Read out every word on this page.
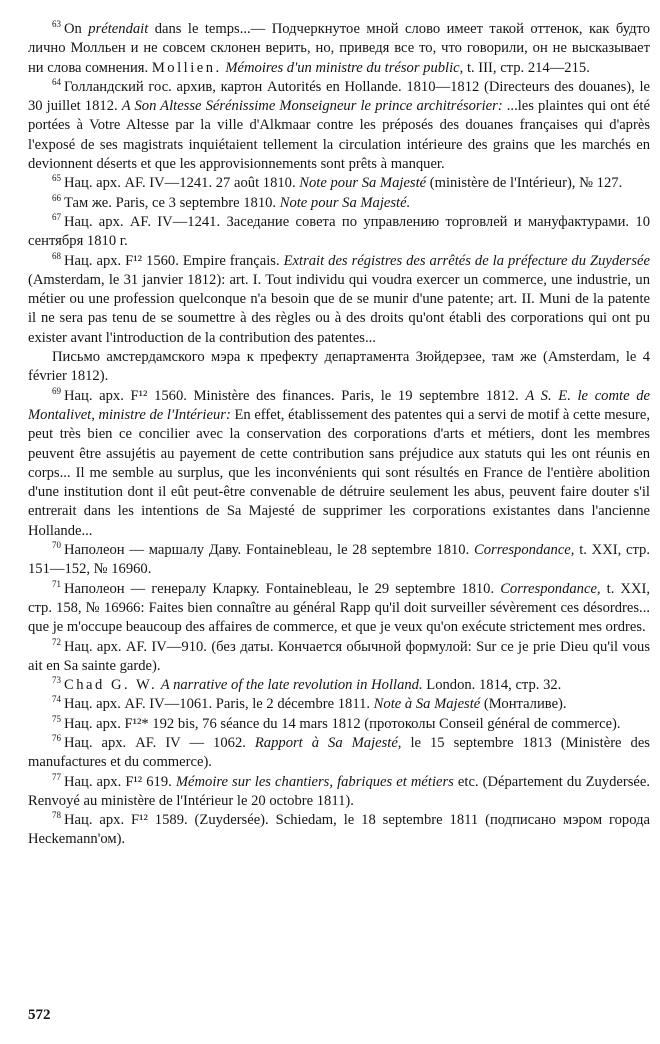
$^{63}$ On prétendait dans le temps...— Подчеркнутое мной слово имеет такой оттенок, как будто лично Молльен и не совсем склонен верить, но, приведя все то, что говорили, он не высказывает ни слова сомнения. Mollien. Mémoires d'un ministre du trésor public, t. III, стр. 214—215.

$^{64}$ Голландский гос. архив, картон Autorités en Hollande. 1810—1812 (Directeurs des douanes), le 30 juillet 1812. A Son Altesse Sérénissime Monseigneur le prince architrésorier: ...les plaintes qui ont été portées à Votre Altesse par la ville d'Alkmaar contre les préposés des douanes françaises qui d'après l'exposé de ses magistrats inquiétaient tellement la circulation intérieure des grains que les marchés en devionnent déserts et que les approvisionnements sont prêts à manquer.

$^{65}$ Нац. арх. AF. IV—1241. 27 août 1810. Note pour Sa Majesté (ministère de l'Intérieur), № 127.

$^{66}$ Там же. Paris, ce 3 septembre 1810. Note pour Sa Majesté.

$^{67}$ Нац. арх. AF. IV—1241. Заседание совета по управлению торговлей и мануфактурами. 10 сентября 1810 г.

$^{68}$ Нац. арх. F¹² 1560. Empire français. Extrait des régistres des arrêtés de la préfecture du Zuydersée (Amsterdam, le 31 janvier 1812): art. I. Tout individu qui voudra exercer un commerce, une industrie, un métier ou une profession quelconque n'a besoin que de se munir d'une patente; art. II. Muni de la patente il ne sera pas tenu de se soumettre à des règles ou à des droits qu'ont établi des corporations qui ont pu exister avant l'introduction de la contribution des patentes...

Письмо амстердамского мэра к префекту департамента Зюйдерзее, там же (Amsterdam, le 4 février 1812).

$^{69}$ Нац. арх. F¹² 1560. Ministère des finances. Paris, le 19 septembre 1812. A S. E. le comte de Montalivet, ministre de l'Intérieur: En effet, établissement des patentes qui a servi de motif à cette mesure, peut très bien ce concilier avec la conservation des corporations d'arts et métiers, dont les membres peuvent être assujétis au payement de cette contribution sans préjudice aux statuts qui les ont réunis en corps... Il me semble au surplus, que les inconvénients qui sont résultés en France de l'entière abolition d'une institution dont il eût peut-être convenable de détruire seulement les abus, peuvent faire douter s'il entrerait dans les intentions de Sa Majesté de supprimer les corporations existantes dans l'ancienne Hollande...

$^{70}$ Наполеон — маршалу Даву. Fontainebleau, le 28 septembre 1810. Correspondance, t. XXI, стр. 151—152, № 16960.

$^{71}$ Наполеон — генералу Кларку. Fontainebleau, le 29 septembre 1810. Correspondance, t. XXI, стр. 158, № 16966: Faites bien connaître au général Rapp qu'il doit surveiller sévèrement ces désordres... que je m'occupe beaucoup des affaires de commerce, et que je veux qu'on exécute strictement mes ordres.

$^{72}$ Нац. арх. AF. IV—910. (без даты. Кончается обычной формулой: Sur ce je prie Dieu qu'il vous ait en Sa sainte garde).

$^{73}$ Chad G. W. A narrative of the late revolution in Holland. London. 1814, стр. 32.

$^{74}$ Нац. арх. AF. IV—1061. Paris, le 2 décembre 1811. Note à Sa Majesté (Монталиве).

$^{75}$ Нац. арх. F¹²* 192 bis, 76 séance du 14 mars 1812 (протоколы Conseil général de commerce).

$^{76}$ Нац. арх. AF. IV — 1062. Rapport à Sa Majesté, le 15 septembre 1813 (Ministère des manufactures et du commerce).

$^{77}$ Нац. арх. F¹² 619. Mémoire sur les chantiers, fabriques et métiers etc. (Département du Zuydersée. Renvoyé au ministère de l'Intérieur le 20 octobre 1811).

$^{78}$ Нац. арх. F¹² 1589. (Zuydersée). Schiedam, le 18 septembre 1811 (подписано мэром города Heckemann'ом).

572
